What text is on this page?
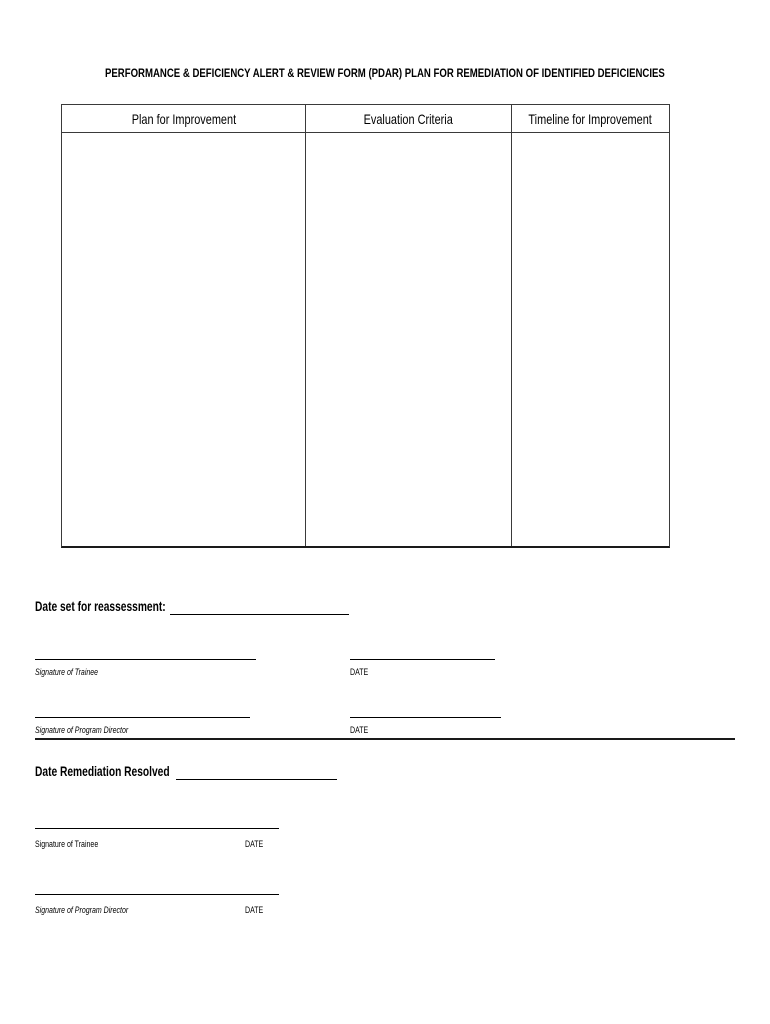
PERFORMANCE & DEFICIENCY ALERT & REVIEW FORM (PDAR) PLAN FOR REMEDIATION OF IDENTIFIED DEFICIENCIES
Plan for Improvement	Evaluation Criteria	Timeline for Improvement
Date set for reassessment:
Signature of Trainee	DATE
Signature of Program Director	DATE
Date Remediation Resolved
Signature of Trainee	DATE
Signature of Program Director	DATE
